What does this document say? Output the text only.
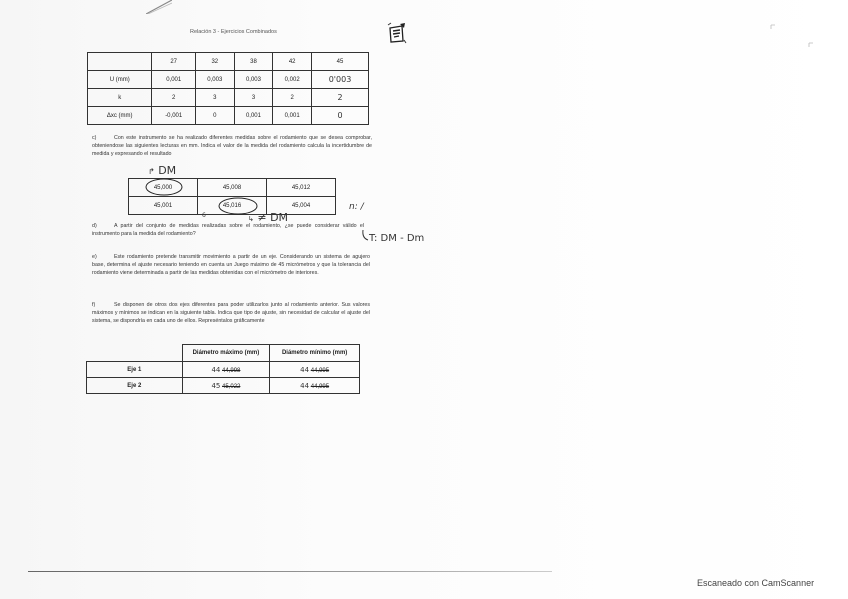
Relación 3 - Ejercicios Combinados
	27	32	38	42	45
U (mm)	0,001	0,003	0,003	0,002	0'003
k	2	3	3	2	2
Δxc (mm)	-0,001	0	0,001	0,001	0
c)	Con este instrumento se ha realizado diferentes medidas sobre el rodamiento que se desea comprobar, obteniendose las siguientes lecturas en mm. Indica el valor de la medida del rodamiento calcula la incertidumbre de medida y expresando el resultado
↱ DM
45,000	45,008	45,012
45,001	45,016	45,004
6	↳ ≠ DM
n: /
T: DM - Dm
d)	A partir del conjunto de medidas realizadas sobre el rodamiento, ¿se puede considerar válido el instrumento para la medida del rodamiento?
e)	Este rodamiento pretende transmitir movimiento a partir de un eje. Considerando un sistema de agujero base, determina el ajuste necesario teniendo en cuenta un Juego máximo de 45 micrómetros y que la tolerancia del rodamiento viene determinada a partir de las medidas obtenidas con el micrómetro de interiores.
f)	Se disponen de otros dos ejes diferentes para poder utilizarlos junto al rodamiento anterior. Sus valores máximos y mínimos se indican en la siguiente tabla. Indica que tipo de ajuste, sin necesidad de calcular el ajuste del sistema, se dispondría en cada uno de ellos. Represéntalos gráficamente
	Diámetro máximo (mm)	Diámetro mínimo (mm)
Eje 1	44 44,998	44 44,995
Eje 2	45 45,022	44 44,995
Escaneado con CamScanner
